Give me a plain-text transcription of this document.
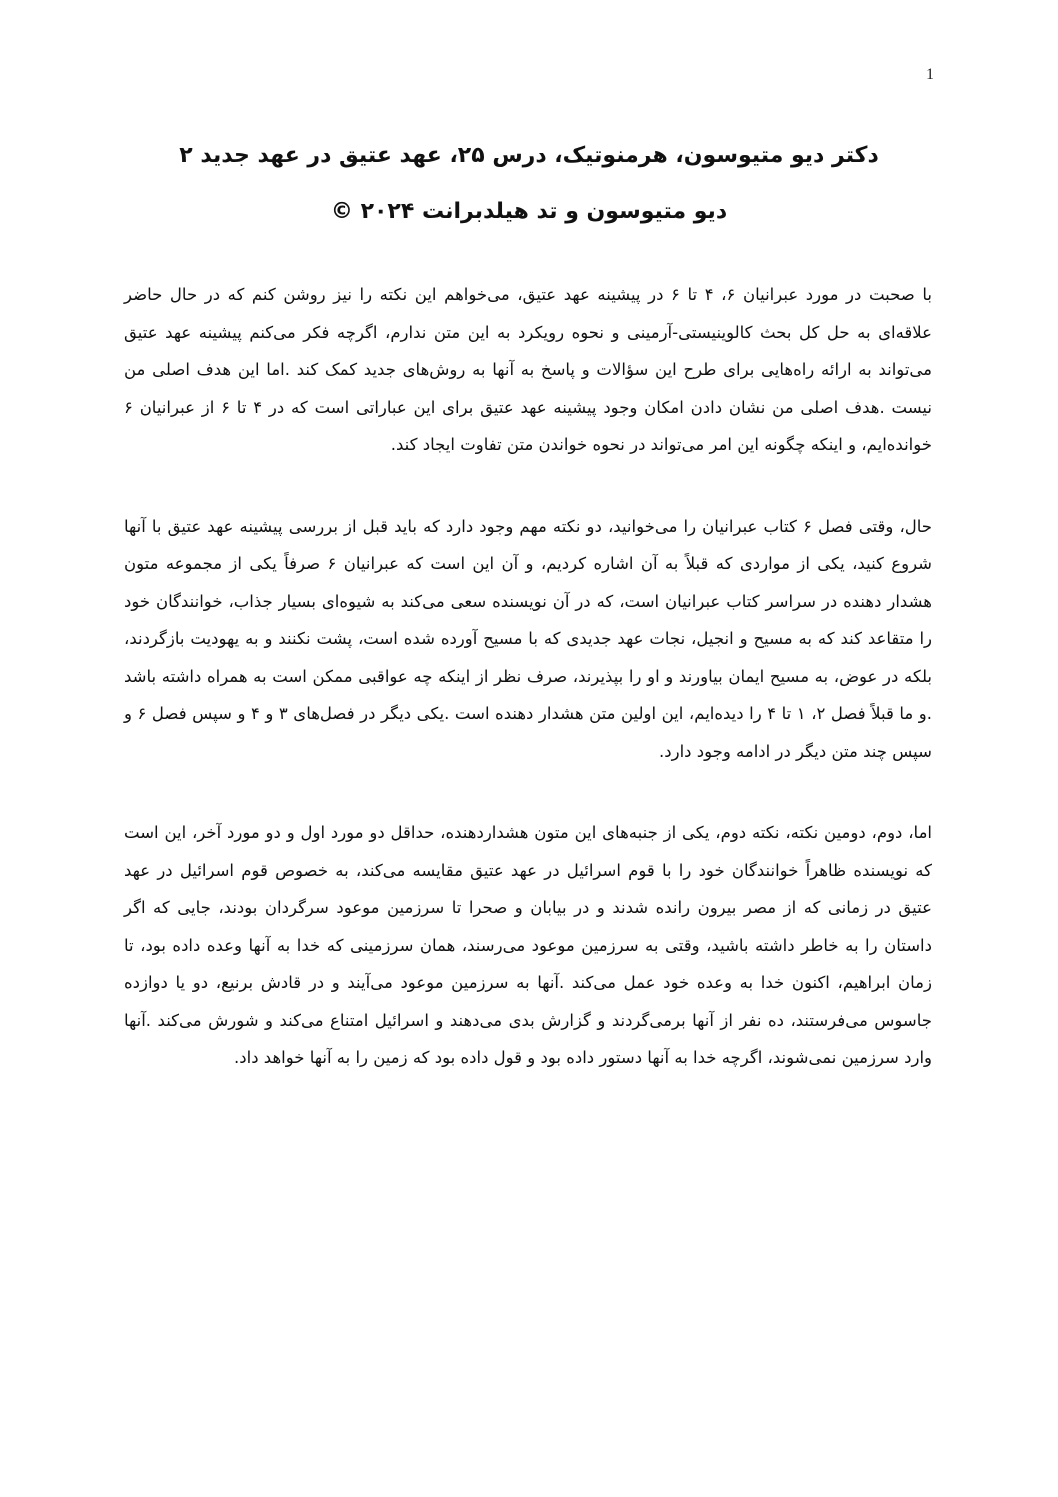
1

دکتر دیو متیوسون، هرمنوتیک، درس ۲۵، عهد عتیق در عهد جدید ۲

دیو متیوسون و تد هیلدبرانت ۲۰۲۴ ©

با صحبت در مورد عبرانیان ۶، ۴ تا ۶ در پیشینه عهد عتیق، می‌خواهم این نکته را نیز روشن کنم که در حال حاضر علاقه‌ای به حل کل بحث کالوینیستی-آرمینی و نحوه رویکرد به این متن ندارم، اگرچه فکر می‌کنم پیشینه عهد عتیق می‌تواند به ارائه راه‌هایی برای طرح این سؤالات و پاسخ به آنها به روش‌های جدید کمک کند .اما این هدف اصلی من نیست .هدف اصلی من نشان دادن امکان وجود پیشینه عهد عتیق برای این عباراتی است که در ۴ تا ۶ از عبرانیان ۶ خوانده‌ایم، و اینکه چگونه این امر می‌تواند در نحوه خواندن متن تفاوت ایجاد کند.

حال، وقتی فصل ۶ کتاب عبرانیان را می‌خوانید، دو نکته مهم وجود دارد که باید قبل از بررسی پیشینه عهد عتیق با آنها شروع کنید، یکی از مواردی که قبلاً به آن اشاره کردیم، و آن این است که عبرانیان ۶ صرفاً یکی از مجموعه متون هشدار دهنده در سراسر کتاب عبرانیان است، که در آن نویسنده سعی می‌کند به شیوه‌ای بسیار جذاب، خوانندگان خود را متقاعد کند که به مسیح و انجیل، نجات عهد جدیدی که با مسیح آورده شده است، پشت نکنند و به یهودیت بازگردند، بلکه در عوض، به مسیح ایمان بیاورند و او را بپذیرند، صرف نظر از اینکه چه عواقبی ممکن است به همراه داشته باشد .و ما قبلاً فصل ۲، ۱ تا ۴ را دیده‌ایم، این اولین متن هشدار دهنده است .یکی دیگر در فصل‌های ۳ و ۴ و سپس فصل ۶ و سپس چند متن دیگر در ادامه وجود دارد.

اما، دوم، دومین نکته، نکته دوم، یکی از جنبه‌های این متون هشداردهنده، حداقل دو مورد اول و دو مورد آخر، این است که نویسنده ظاهراً خوانندگان خود را با قوم اسرائیل در عهد عتیق مقایسه می‌کند، به خصوص قوم اسرائیل در عهد عتیق در زمانی که از مصر بیرون رانده شدند و در بیابان و صحرا تا سرزمین موعود سرگردان بودند، جایی که اگر داستان را به خاطر داشته باشید، وقتی به سرزمین موعود می‌رسند، همان سرزمینی که خدا به آنها وعده داده بود، تا زمان ابراهیم، اکنون خدا به وعده خود عمل می‌کند .آنها به سرزمین موعود می‌آیند و در قادش برنیع، دو یا دوازده جاسوس می‌فرستند، ده نفر از آنها برمی‌گردند و گزارش بدی می‌دهند و اسرائیل امتناع می‌کند و شورش می‌کند .آنها وارد سرزمین نمی‌شوند، اگرچه خدا به آنها دستور داده بود و قول داده بود که زمین را به آنها خواهد داد.
